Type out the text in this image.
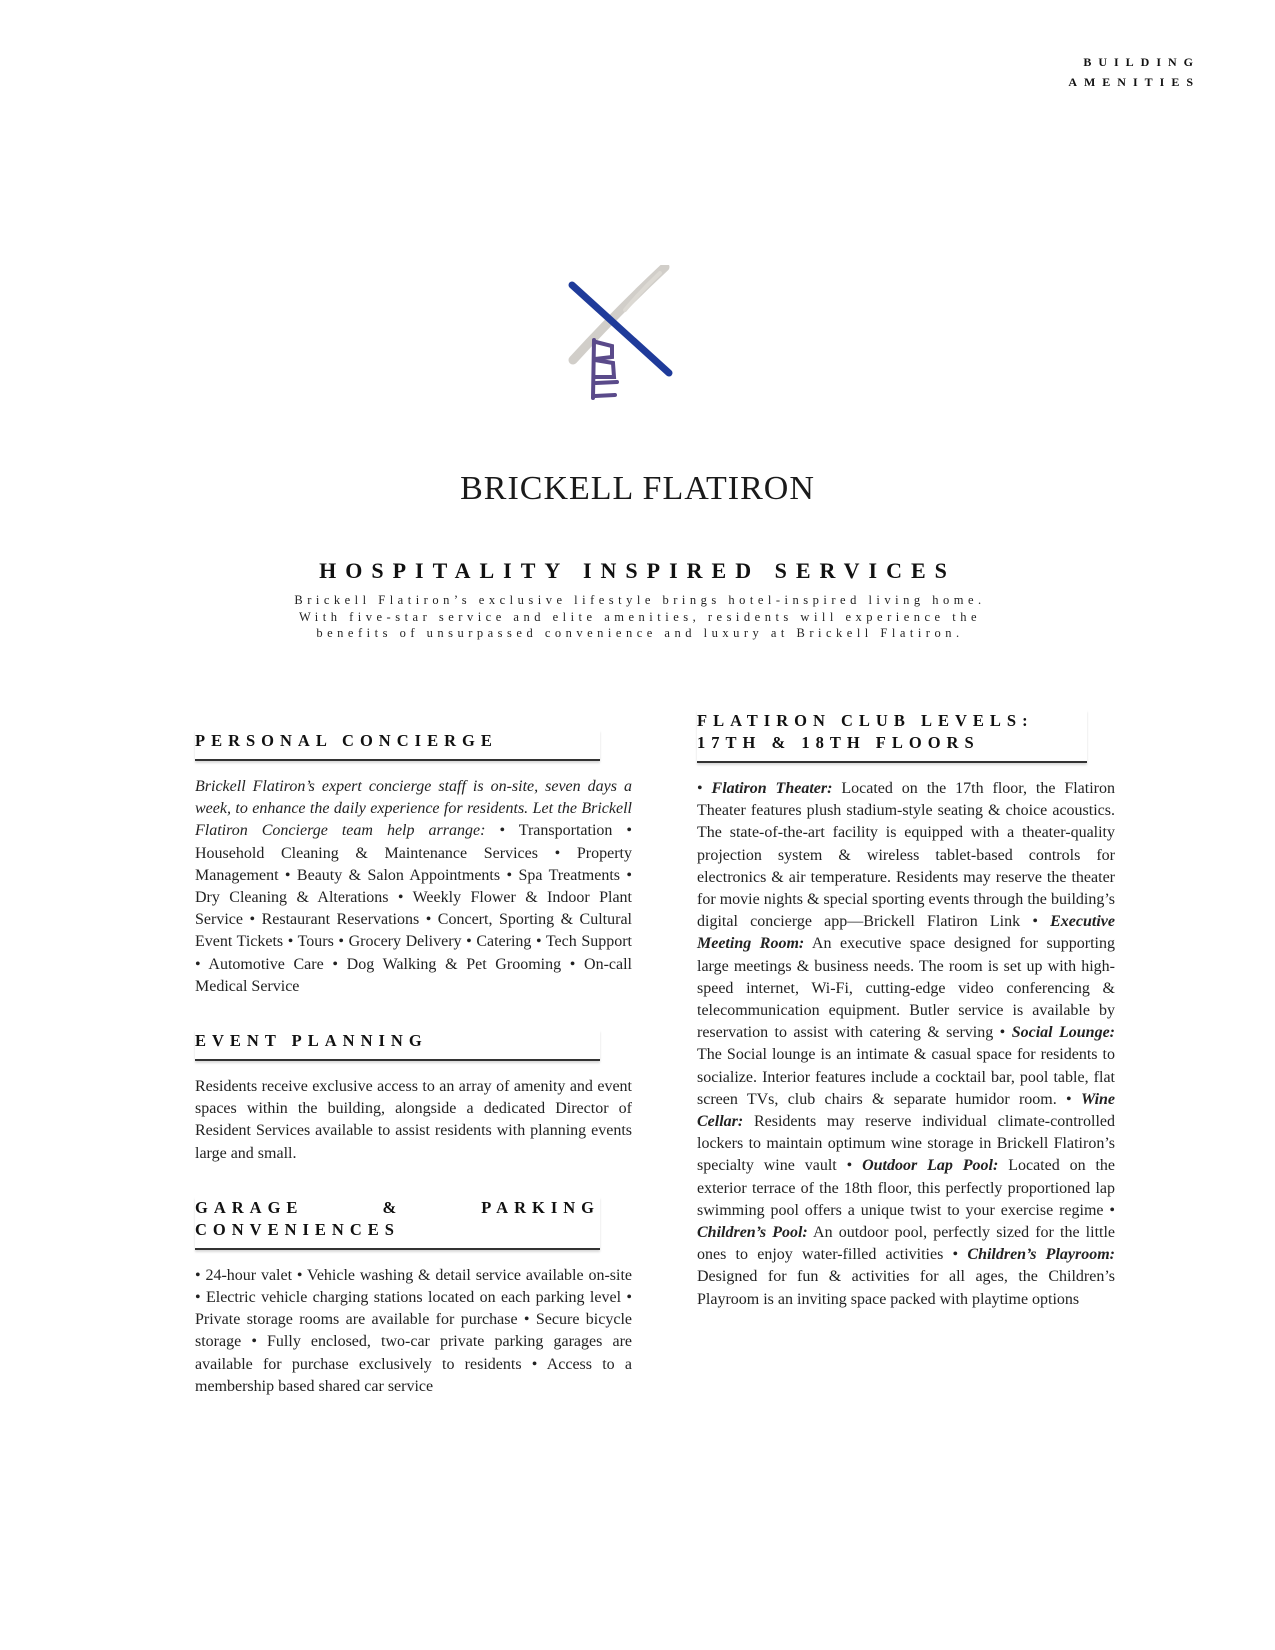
BUILDING
AMENITIES
BRICKELL FLATIRON
HOSPITALITY INSPIRED SERVICES
Brickell Flatiron’s exclusive lifestyle brings hotel-inspired living home. With five-star service and elite amenities, residents will experience the benefits of unsurpassed convenience and luxury at Brickell Flatiron.
PERSONAL CONCIERGE
Brickell Flatiron’s expert concierge staff is on-site, seven days a week, to enhance the daily experience for residents. Let the Brickell Flatiron Concierge team help arrange: • Transportation • Household Cleaning & Maintenance Services • Property Management • Beauty & Salon Appointments • Spa Treatments • Dry Cleaning & Alterations • Weekly Flower & Indoor Plant Service • Restaurant Reservations • Concert, Sporting & Cultural Event Tickets • Tours • Grocery Delivery • Catering • Tech Support • Automotive Care • Dog Walking & Pet Grooming • On-call Medical Service
EVENT PLANNING
Residents receive exclusive access to an array of amenity and event spaces within the building, alongside a dedicated Director of Resident Services available to assist residents with planning events large and small.
GARAGE & PARKING CONVENIENCES
• 24-hour valet • Vehicle washing & detail service available on-site • Electric vehicle charging stations located on each parking level • Private storage rooms are available for purchase • Secure bicycle storage • Fully enclosed, two-car private parking garages are available for purchase exclusively to residents • Access to a membership based shared car service
FLATIRON CLUB LEVELS:
17TH & 18TH FLOORS
• Flatiron Theater: Located on the 17th floor, the Flatiron Theater features plush stadium-style seating & choice acoustics. The state-of-the-art facility is equipped with a theater-quality projection system & wireless tablet-based controls for electronics & air temperature. Residents may reserve the theater for movie nights & special sporting events through the building’s digital concierge app—Brickell Flatiron Link • Executive Meeting Room: An executive space designed for supporting large meetings & business needs. The room is set up with high-speed internet, Wi-Fi, cutting-edge video conferencing & telecommunication equipment. Butler service is available by reservation to assist with catering & serving • Social Lounge: The Social lounge is an intimate & casual space for residents to socialize. Interior features include a cocktail bar, pool table, flat screen TVs, club chairs & separate humidor room. • Wine Cellar: Residents may reserve individual climate-controlled lockers to maintain optimum wine storage in Brickell Flatiron’s specialty wine vault • Outdoor Lap Pool: Located on the exterior terrace of the 18th floor, this perfectly proportioned lap swimming pool offers a unique twist to your exercise regime • Children’s Pool: An outdoor pool, perfectly sized for the little ones to enjoy water-filled activities • Children’s Playroom: Designed for fun & activities for all ages, the Children’s Playroom is an inviting space packed with playtime options
